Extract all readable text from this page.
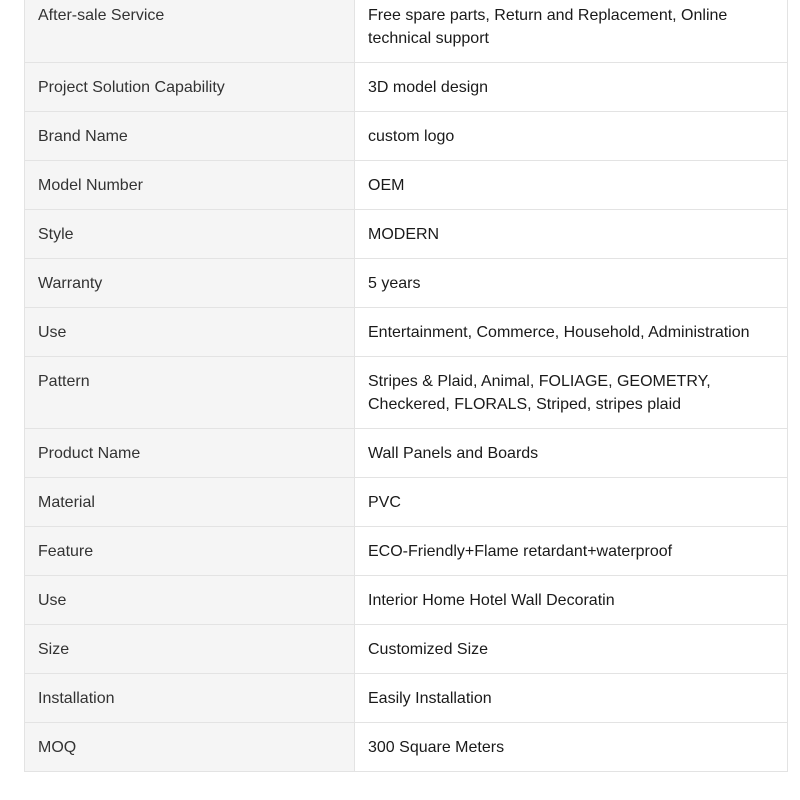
After-sale Service	Free spare parts, Return and Replacement, Online technical support
Project Solution Capability	3D model design
Brand Name	custom logo
Model Number	OEM
Style	MODERN
Warranty	5 years
Use	Entertainment, Commerce, Household, Administration
Pattern	Stripes & Plaid, Animal, FOLIAGE, GEOMETRY, Checkered, FLORALS, Striped, stripes plaid
Product Name	Wall Panels and Boards
Material	PVC
Feature	ECO-Friendly+Flame retardant+waterproof
Use	Interior Home Hotel Wall Decoratin
Size	Customized Size
Installation	Easily Installation
MOQ	300 Square Meters
